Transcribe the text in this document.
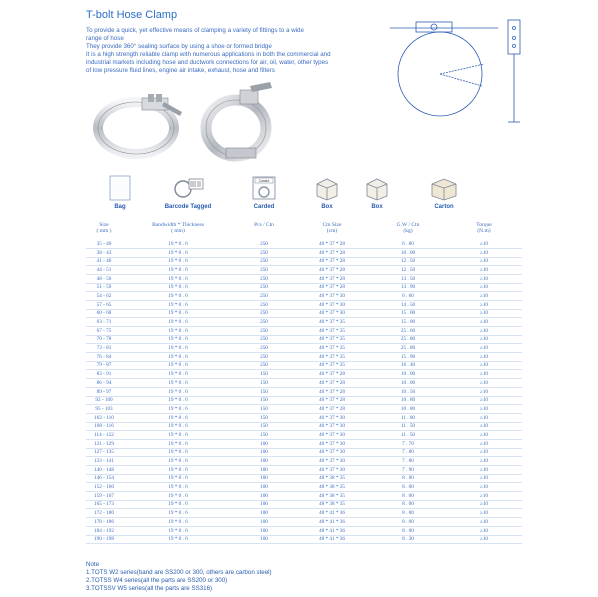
T-bolt Hose Clamp
To provide a quick, yet effective means of clamping a variety of fittings to a wide
range of hose
They provide 360° sealing surface by using a shoe or formed bridge
It is a high strength reliable clamp with numerous applications in both the commercial and
industrial markets including hose and ductwork connections for air, oil, water, other types
of low pressure fluid lines, engine air intake, exhaust, hose and filters
Bag	Barcode Tagged
Carded
Carded	Box	Box	Carton
Size
( mm )
Bandwidth * Thickness
( mm)
Pcs / Ctn	Ctn Size
(cm)
G.W / Ctn
(kg)
Torque
(N.m)
35 - 40	19 * 0 . 6	250	40 * 37 * 28	6 . 80	≥10
38 - 43	19 * 0 . 6	250	40 * 37 * 28	10 . 00	≥10
41 - 46	19 * 0 . 6	250	40 * 37 * 28	12 . 50	≥10
44 - 51	19 * 0 . 6	250	40 * 37 * 28	12 . 50	≥10
48 - 56	19 * 0 . 6	250	40 * 37 * 28	13 . 50	≥10
51 - 59	19 * 0 . 6	250	40 * 37 * 28	13 . 90	≥10
54 - 62	19 * 0 . 6	250	40 * 37 * 30	6 . 60	≥10
57 - 65	19 * 0 . 6	250	40 * 37 * 30	14 . 50	≥10
60 - 68	19 * 0 . 6	250	40 * 37 * 30	15 . 00	≥10
63 - 71	19 * 0 . 6	250	40 * 37 * 35	15 . 00	≥10
67 - 75	19 * 0 . 6	250	40 * 37 * 35	25 . 60	≥10
70 - 78	19 * 0 . 6	250	40 * 37 * 35	25 . 80	≥10
73 - 81	19 * 0 . 6	250	40 * 37 * 35	25 . 80	≥10
76 - 84	19 * 0 . 6	250	40 * 37 * 35	15 . 90	≥10
79 - 87	19 * 0 . 6	250	40 * 37 * 35	16 . 40	≥10
83 - 91	19 * 0 . 6	150	40 * 37 * 28	10 . 00	≥10
86 - 94	19 * 0 . 6	150	40 * 37 * 28	10 . 00	≥10
89 - 97	19 * 0 . 6	150	40 * 37 * 28	10 . 50	≥10
92 - 100	19 * 0 . 6	150	40 * 37 * 28	10 . 80	≥10
95 - 103	19 * 0 . 6	150	40 * 37 * 28	10 . 80	≥10
102 - 110	19 * 0 . 6	150	40 * 37 * 30	11 . 00	≥10
108 - 116	19 * 0 . 6	150	40 * 37 * 30	11 . 50	≥10
114 - 122	19 * 0 . 6	150	40 * 37 * 30	11 . 50	≥10
121 - 129	19 * 0 . 6	100	40 * 37 * 30	7 . 70	≥10
127 - 135	19 * 0 . 6	100	40 * 37 * 30	7 . 80	≥10
133 - 141	19 * 0 . 6	100	40 * 37 * 30	7 . 80	≥10
140 - 148	19 * 0 . 6	100	40 * 37 * 30	7 . 90	≥10
146 - 154	19 * 0 . 6	100	48 * 38 * 35	8 . 00	≥10
152 - 160	19 * 0 . 6	100	48 * 38 * 35	8 . 00	≥10
159 - 167	19 * 0 . 6	100	48 * 38 * 35	8 . 00	≥10
165 - 173	19 * 0 . 6	100	48 * 38 * 35	8 . 00	≥10
172 - 180	19 * 0 . 6	100	48 * 41 * 36	8 . 00	≥10
178 - 186	19 * 0 . 6	100	48 * 41 * 36	8 . 00	≥10
184 - 192	19 * 0 . 6	100	48 * 41 * 36	8 . 00	≥10
190 - 198	19 * 0 . 6	100	48 * 41 * 36	8 . 30	≥10
Note
1.TOTS W2 series(band are SS200 or 300, others are carbon steel)
2.TOTSS W4 series(all the parts are SS200 or 300)
3.TOTSSV W5 series(all the parts are SS316)
